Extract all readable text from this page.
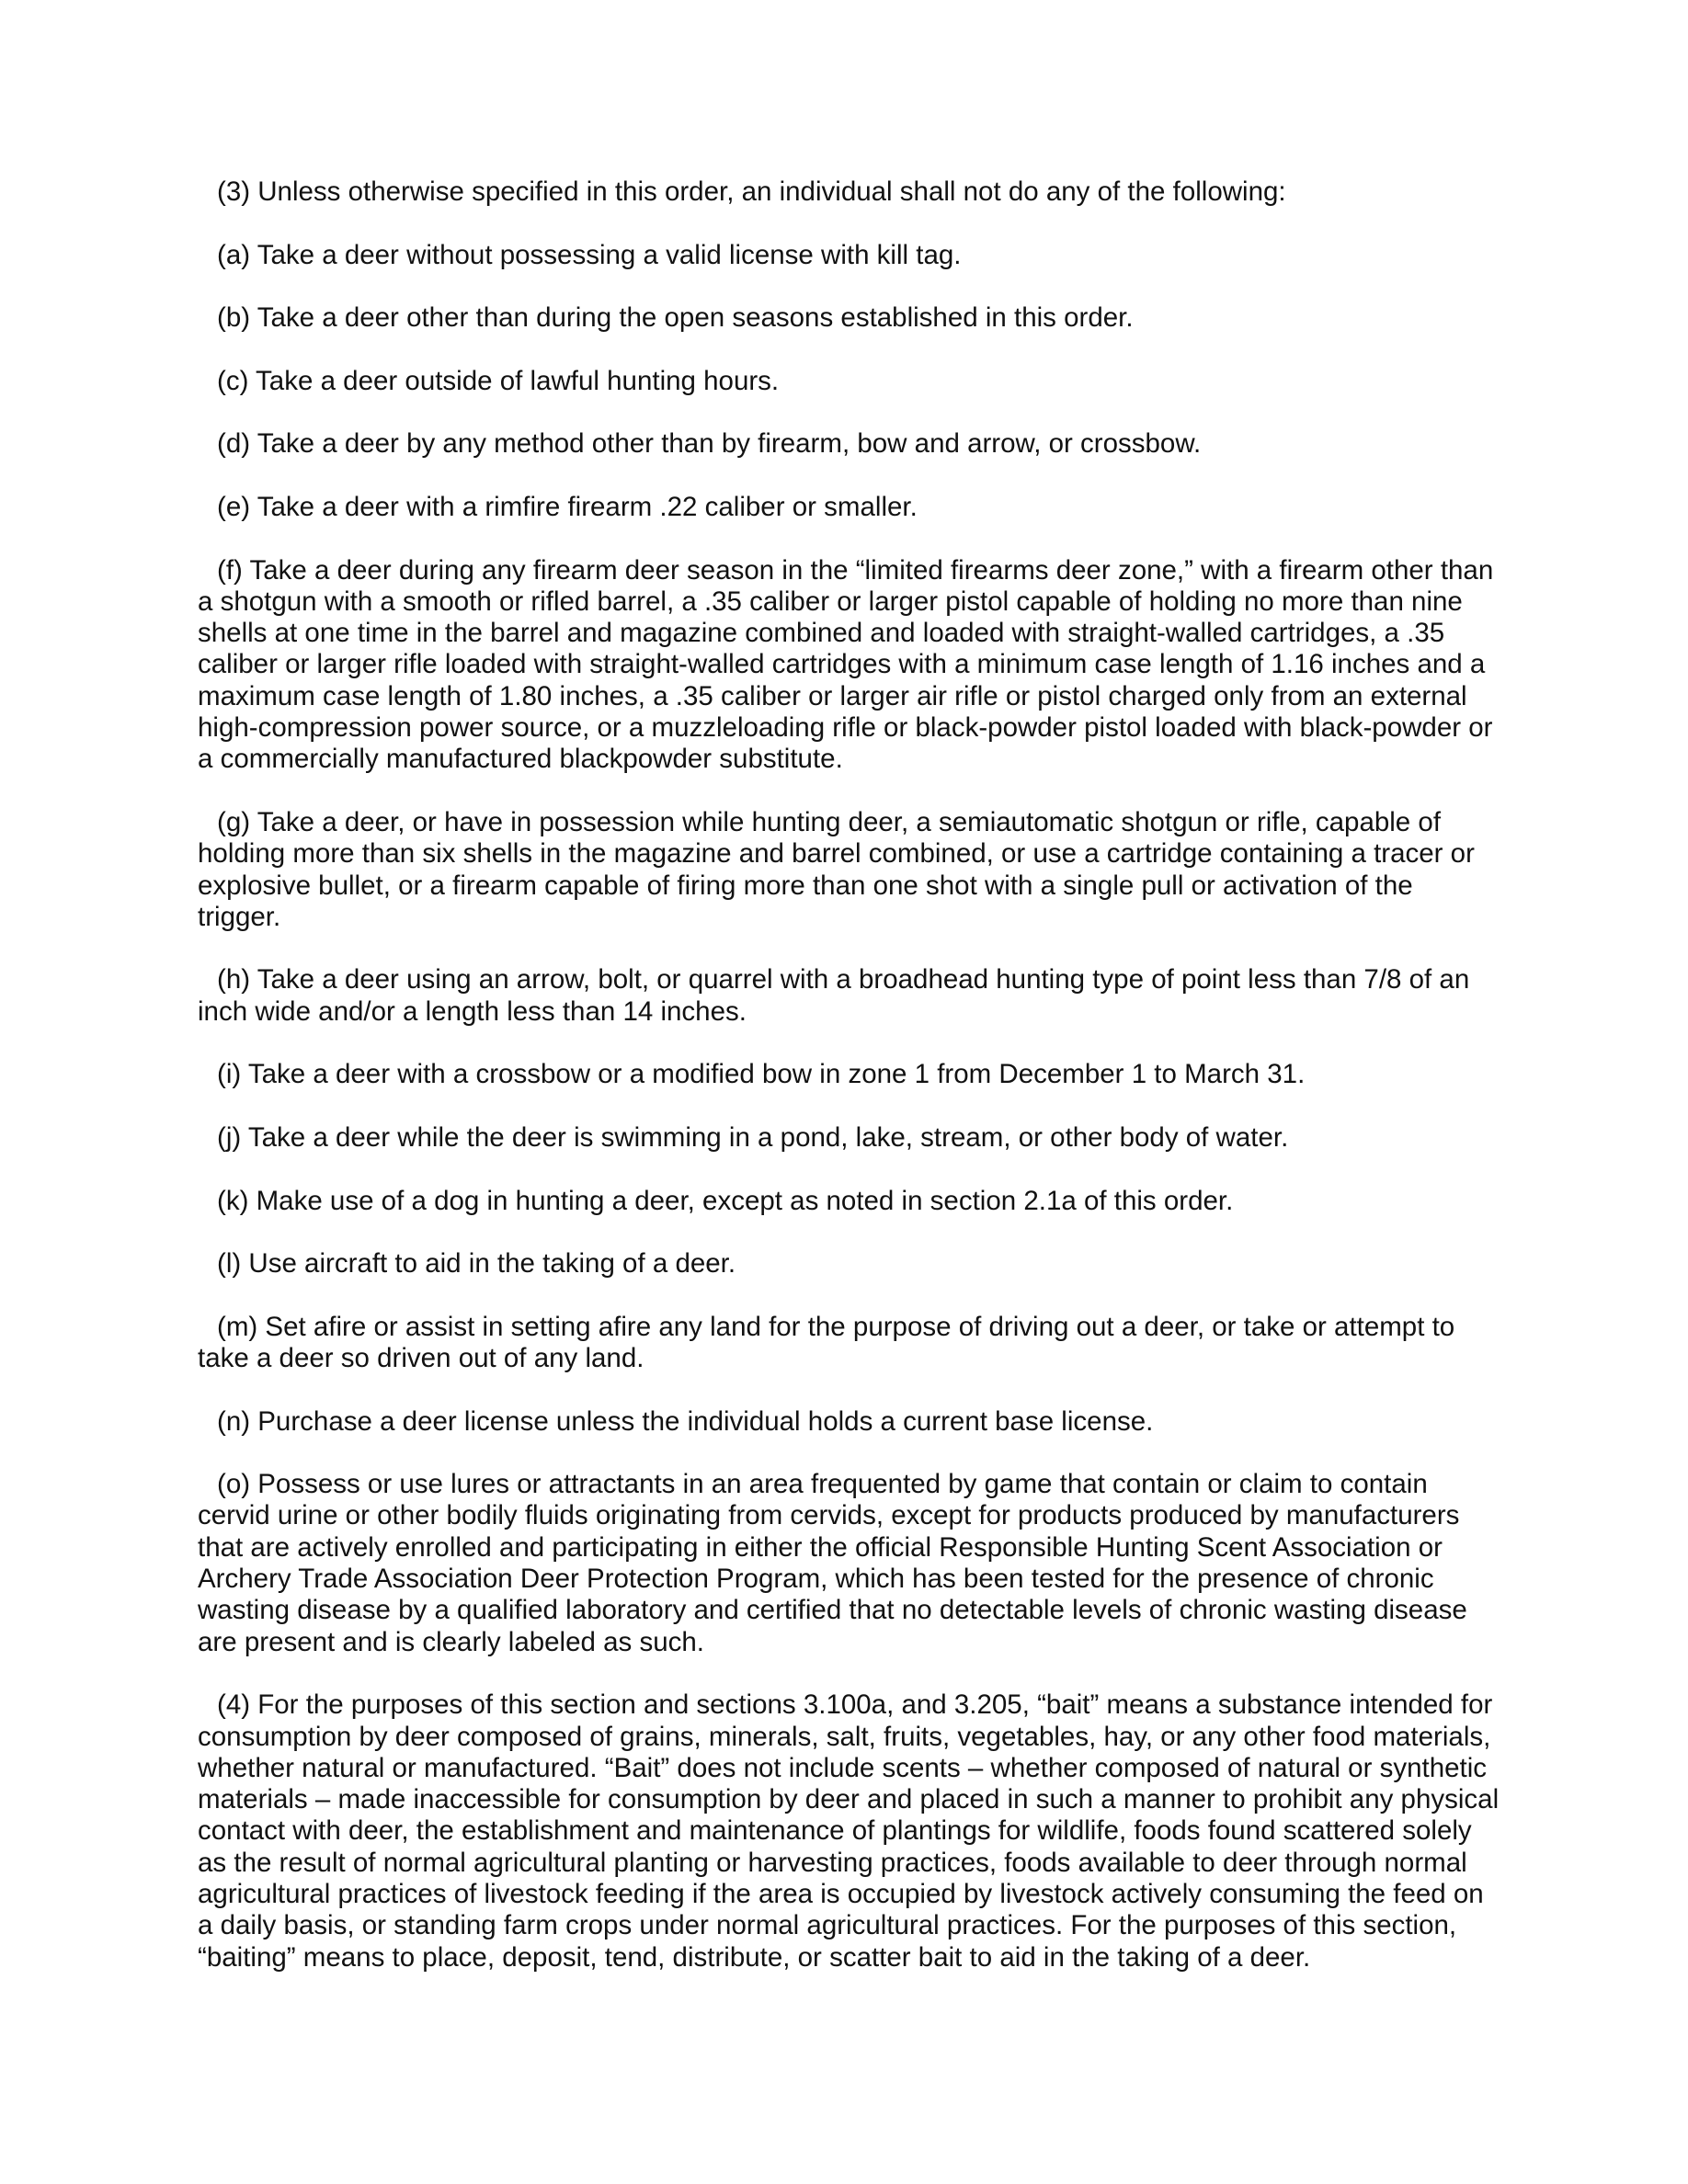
(3) Unless otherwise specified in this order, an individual shall not do any of the following:

(a) Take a deer without possessing a valid license with kill tag.

(b) Take a deer other than during the open seasons established in this order.

(c) Take a deer outside of lawful hunting hours.

(d) Take a deer by any method other than by firearm, bow and arrow, or crossbow.

(e) Take a deer with a rimfire firearm .22 caliber or smaller.

(f) Take a deer during any firearm deer season in the “limited firearms deer zone,” with a firearm other than a shotgun with a smooth or rifled barrel, a .35 caliber or larger pistol capable of holding no more than nine shells at one time in the barrel and magazine combined and loaded with straight-walled cartridges, a .35 caliber or larger rifle loaded with straight-walled cartridges with a minimum case length of 1.16 inches and a maximum case length of 1.80 inches, a .35 caliber or larger air rifle or pistol charged only from an external high-compression power source, or a muzzleloading rifle or black-powder pistol loaded with black-powder or a commercially manufactured blackpowder substitute.

(g) Take a deer, or have in possession while hunting deer, a semiautomatic shotgun or rifle, capable of holding more than six shells in the magazine and barrel combined, or use a cartridge containing a tracer or explosive bullet, or a firearm capable of firing more than one shot with a single pull or activation of the trigger.

(h) Take a deer using an arrow, bolt, or quarrel with a broadhead hunting type of point less than 7/8 of an inch wide and/or a length less than 14 inches.

(i) Take a deer with a crossbow or a modified bow in zone 1 from December 1 to March 31.

(j) Take a deer while the deer is swimming in a pond, lake, stream, or other body of water.

(k) Make use of a dog in hunting a deer, except as noted in section 2.1a of this order.

(l) Use aircraft to aid in the taking of a deer.

(m) Set afire or assist in setting afire any land for the purpose of driving out a deer, or take or attempt to take a deer so driven out of any land.

(n) Purchase a deer license unless the individual holds a current base license.

(o) Possess or use lures or attractants in an area frequented by game that contain or claim to contain cervid urine or other bodily fluids originating from cervids, except for products produced by manufacturers that are actively enrolled and participating in either the official Responsible Hunting Scent Association or Archery Trade Association Deer Protection Program, which has been tested for the presence of chronic wasting disease by a qualified laboratory and certified that no detectable levels of chronic wasting disease are present and is clearly labeled as such.

(4) For the purposes of this section and sections 3.100a, and 3.205, “bait” means a substance intended for consumption by deer composed of grains, minerals, salt, fruits, vegetables, hay, or any other food materials, whether natural or manufactured. “Bait” does not include scents – whether composed of natural or synthetic materials – made inaccessible for consumption by deer and placed in such a manner to prohibit any physical contact with deer, the establishment and maintenance of plantings for wildlife, foods found scattered solely as the result of normal agricultural planting or harvesting practices, foods available to deer through normal agricultural practices of livestock feeding if the area is occupied by livestock actively consuming the feed on a daily basis, or standing farm crops under normal agricultural practices. For the purposes of this section, “baiting” means to place, deposit, tend, distribute, or scatter bait to aid in the taking of a deer.
